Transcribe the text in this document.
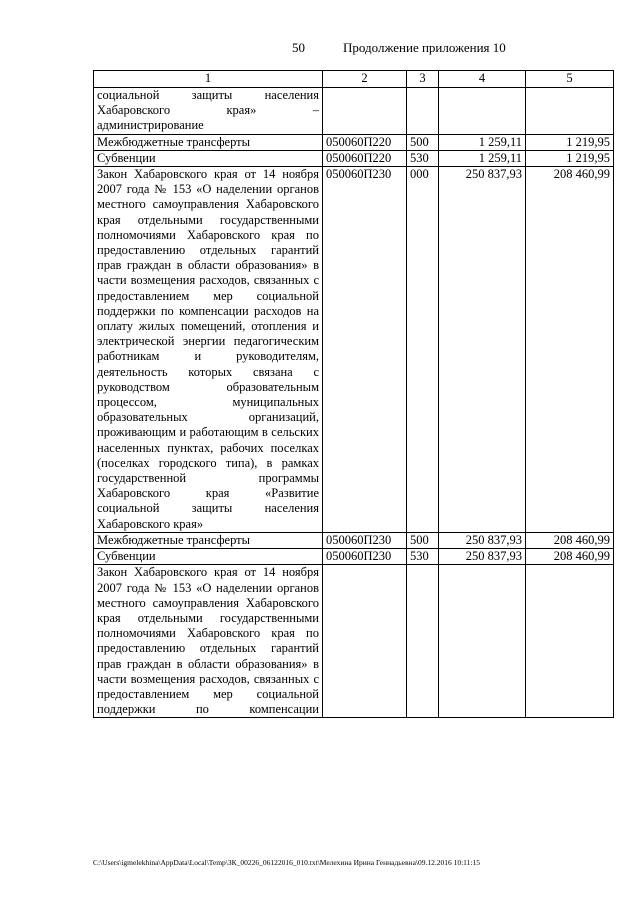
50	Продолжение приложения 10
1	2	3	4	5
социальной защиты населения Хабаровского края» – администрирование				
Межбюджетные трансферты	050060П220	500	1 259,11	1 219,95
Субвенции	050060П220	530	1 259,11	1 219,95
Закон Хабаровского края от 14 ноября 2007 года № 153 «О наделении органов местного самоуправления Хабаровского края отдельными государственными полномочиями Хабаровского края по предоставлению отдельных гарантий прав граждан в области образования» в части возмещения расходов, связанных с предоставлением мер социальной поддержки по компенсации расходов на оплату жилых помещений, отопления и электрической энергии педагогическим работникам и руководителям, деятельность которых связана с руководством образовательным процессом, муниципальных образовательных организаций, проживающим и работающим в сельских населенных пунктах, рабочих поселках (поселках городского типа), в рамках государственной программы Хабаровского края «Развитие социальной защиты населения Хабаровского края»	050060П230	000	250 837,93	208 460,99
Межбюджетные трансферты	050060П230	500	250 837,93	208 460,99
Субвенции	050060П230	530	250 837,93	208 460,99
Закон Хабаровского края от 14 ноября 2007 года № 153 «О наделении органов местного самоуправления Хабаровского края отдельными государственными полномочиями Хабаровского края по предоставлению отдельных гарантий прав граждан в области образования» в части возмещения расходов, связанных с предоставлением мер социальной поддержки по компенсации				
C:\Users\igmelekhina\AppData\Local\Temp\ЗК_00226_06122016_010.txt\Мелехина Ирина Геннадьевна\09.12.2016 10:11:15
